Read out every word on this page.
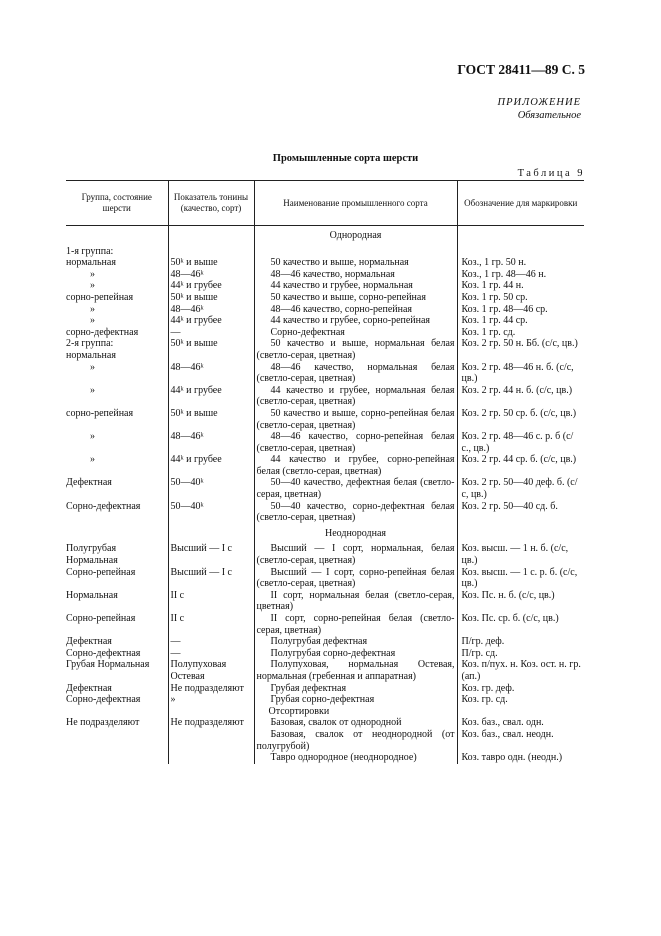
ГОСТ 28411—89 С. 5
ПРИЛОЖЕНИЕ
Обязательное
Промышленные сорта шерсти
Таблица 9
Группа, состояние шерсти	Показатель тонины (качество, сорт)	Наименование промышленного сорта	Обозначение для маркировки
		Однородная	
1-я группа:			
нормальная	50ᵏ и выше	50 качество и выше, нормальная	Коз., 1 гр. 50 н.
»	48—46ᵏ	48—46 качество, нормальная	Коз., 1 гр. 48—46 н.
»	44ᵏ и грубее	44 качество и грубее, нормальная	Коз. 1 гр. 44 н.
сорно-репейная	50ᵏ и выше	50 качество и выше, сорно-репейная	Коз. 1 гр. 50 ср.
»	48—46ᵏ	48—46 качество, сорно-репейная	Коз. 1 гр. 48—46 ср.
»	44ᵏ и грубее	44 качество и грубее, сорно-репейная	Коз. 1 гр. 44 ср.
сорно-дефектная	—	Сорно-дефектная	Коз. 1 гр. сд.
2-я группа: нормальная	50ᵏ и выше	50 качество и выше, нормальная белая (светло-серая, цветная)	Коз. 2 гр. 50 н. Бб. (с/с, цв.)
»	48—46ᵏ	48—46 качество, нормальная белая (светло-серая, цветная)	Коз. 2 гр. 48—46 н. б. (с/с, цв.)
»	44ᵏ и грубее	44 качество и грубее, нормальная белая (светло-серая, цветная)	Коз. 2 гр. 44 н. б. (с/с, цв.)
сорно-репейная	50ᵏ и выше	50 качество и выше, сорно-репейная белая (светло-серая, цветная)	Коз. 2 гр. 50 ср. б. (с/с, цв.)
»	48—46ᵏ	48—46 качество, сорно-репейная белая (светло-серая, цветная)	Коз. 2 гр. 48—46 с. р. б (с/с., цв.)
»	44ᵏ и грубее	44 качество и грубее, сорно-репейная белая (светло-серая, цветная)	Коз. 2 гр. 44 ср. б. (с/с, цв.)
Дефектная	50—40ᵏ	50—40 качество, дефектная белая (светло-серая, цветная)	Коз. 2 гр. 50—40 деф. б. (с/с, цв.)
Сорно-дефектная	50—40ᵏ	50—40 качество, сорно-дефектная белая (светло-серая, цветная)	Коз. 2 гр. 50—40 сд. б.
		Неоднородная	
Полугрубая Нормальная	Высший — I с	Высший — I сорт, нормальная, белая (светло-серая, цветная)	Коз. высш. — 1 н. б. (с/с, цв.)
Сорно-репейная	Высший — I с	Высший — I сорт, сорно-репейная белая (светло-серая, цветная)	Коз. высш. — 1 с. р. б. (с/с, цв.)
Нормальная	II с	II сорт, нормальная белая (светло-серая, цветная)	Коз. Пс. н. б. (с/с, цв.)
Сорно-репейная	II с	II сорт, сорно-репейная белая (светло-серая, цветная)	Коз. Пс. ср. б. (с/с, цв.)
Дефектная	—	Полугрубая дефектная	П/гр. деф.
Сорно-дефектная	—	Полугрубая сорно-дефектная	П/гр. сд.
Грубая Нормальная	Полупуховая Остевая	Полупуховая, нормальная Остевая, нормальная (гребенная и аппаратная)	Коз. п/пух. н. Коз. ост. н. гр. (ап.)
Дефектная	Не подразделяют	Грубая дефектная	Коз. гр. деф.
Сорно-дефектная	»	Грубая сорно-дефектная	Коз. гр. сд.
		Отсортировки	
Не подразделяют	Не подразделяют	Базовая, свалок от однородной	Коз. баз., свал. одн.
		Базовая, свалок от неоднородной (от полугрубой)	Коз. баз., свал. неодн.
		Тавро однородное (неоднородное)	Коз. тавро одн. (неодн.)
